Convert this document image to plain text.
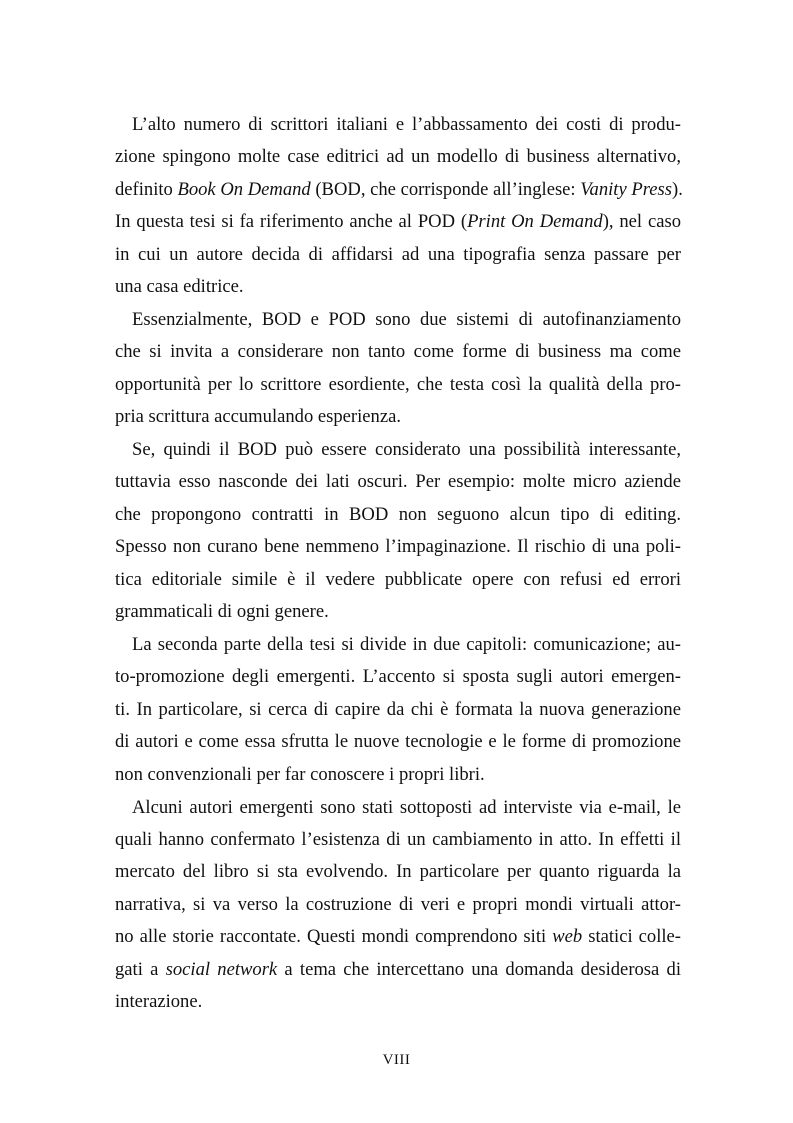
L’alto numero di scrittori italiani e l’abbassamento dei costi di produ-
zione spingono molte case editrici ad un modello di business alternativo,
definito Book On Demand (BOD, che corrisponde all’inglese: Vanity Press).
In questa tesi si fa riferimento anche al POD (Print On Demand), nel caso
in cui un autore decida di affidarsi ad una tipografia senza passare per
una casa editrice.
Essenzialmente, BOD e POD sono due sistemi di autofinanziamento
che si invita a considerare non tanto come forme di business ma come
opportunità per lo scrittore esordiente, che testa così la qualità della pro-
pria scrittura accumulando esperienza.
Se, quindi il BOD può essere considerato una possibilità interessante,
tuttavia esso nasconde dei lati oscuri. Per esempio: molte micro aziende
che propongono contratti in BOD non seguono alcun tipo di editing.
Spesso non curano bene nemmeno l’impaginazione. Il rischio di una poli-
tica editoriale simile è il vedere pubblicate opere con refusi ed errori
grammaticali di ogni genere.
La seconda parte della tesi si divide in due capitoli: comunicazione; au-
to-promozione degli emergenti. L’accento si sposta sugli autori emergen-
ti. In particolare, si cerca di capire da chi è formata la nuova generazione
di autori e come essa sfrutta le nuove tecnologie e le forme di promozione
non convenzionali per far conoscere i propri libri.
Alcuni autori emergenti sono stati sottoposti ad interviste via e-mail, le
quali hanno confermato l’esistenza di un cambiamento in atto. In effetti il
mercato del libro si sta evolvendo. In particolare per quanto riguarda la
narrativa, si va verso la costruzione di veri e propri mondi virtuali attor-
no alle storie raccontate. Questi mondi comprendono siti web statici colle-
gati a social network a tema che intercettano una domanda desiderosa di
interazione.
VIII
